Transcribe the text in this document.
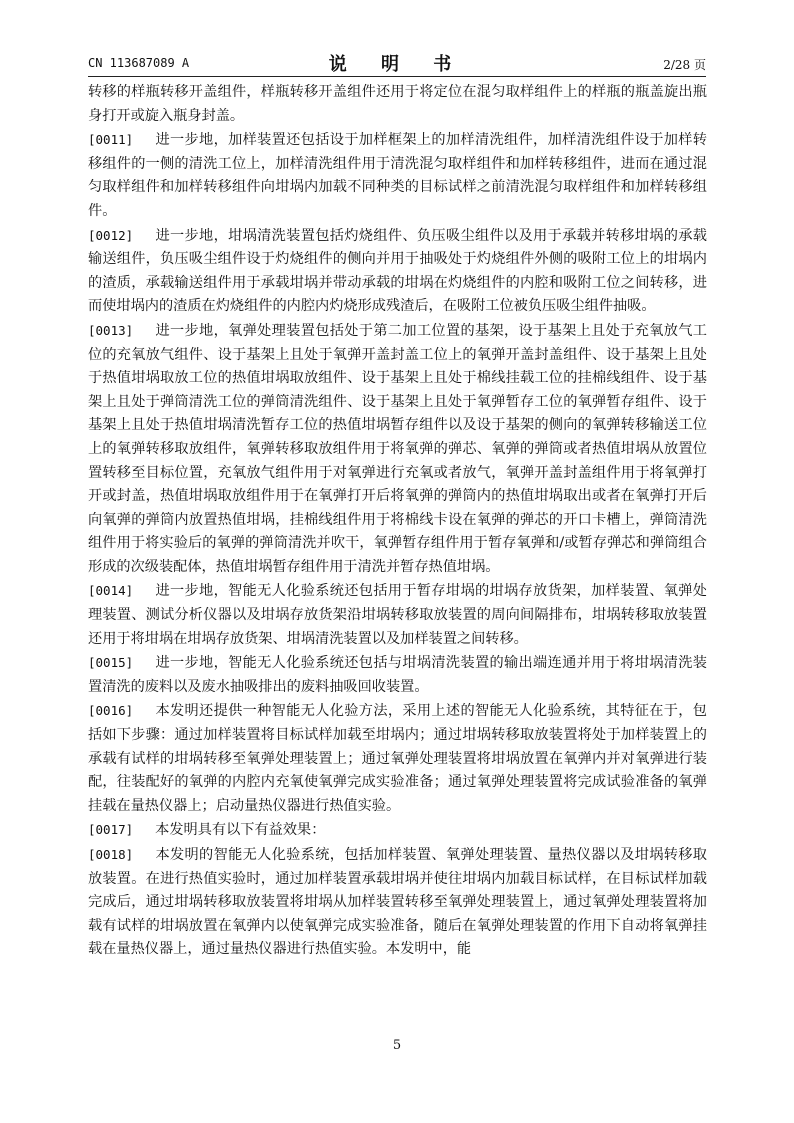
CN 113687089 A	说 明 书	2/28 页

转移的样瓶转移开盖组件，样瓶转移开盖组件还用于将定位在混匀取样组件上的样瓶的瓶盖旋出瓶身打开或旋入瓶身封盖。

[0011] 进一步地，加样装置还包括设于加样框架上的加样清洗组件，加样清洗组件设于加样转移组件的一侧的清洗工位上，加样清洗组件用于清洗混匀取样组件和加样转移组件，进而在通过混匀取样组件和加样转移组件向坩埚内加载不同种类的目标试样之前清洗混匀取样组件和加样转移组件。

[0012] 进一步地，坩埚清洗装置包括灼烧组件、负压吸尘组件以及用于承载并转移坩埚的承载输送组件，负压吸尘组件设于灼烧组件的侧向并用于抽吸处于灼烧组件外侧的吸附工位上的坩埚内的渣质，承载输送组件用于承载坩埚并带动承载的坩埚在灼烧组件的内腔和吸附工位之间转移，进而使坩埚内的渣质在灼烧组件的内腔内灼烧形成残渣后，在吸附工位被负压吸尘组件抽吸。

[0013] 进一步地，氧弹处理装置包括处于第二加工位置的基架，设于基架上且处于充氧放气工位的充氧放气组件、设于基架上且处于氧弹开盖封盖工位上的氧弹开盖封盖组件、设于基架上且处于热值坩埚取放工位的热值坩埚取放组件、设于基架上且处于棉线挂载工位的挂棉线组件、设于基架上且处于弹筒清洗工位的弹筒清洗组件、设于基架上且处于氧弹暂存工位的氧弹暂存组件、设于基架上且处于热值坩埚清洗暂存工位的热值坩埚暂存组件以及设于基架的侧向的氧弹转移输送工位上的氧弹转移取放组件，氧弹转移取放组件用于将氧弹的弹芯、氧弹的弹筒或者热值坩埚从放置位置转移至目标位置，充氧放气组件用于对氧弹进行充氧或者放气，氧弹开盖封盖组件用于将氧弹打开或封盖，热值坩埚取放组件用于在氧弹打开后将氧弹的弹筒内的热值坩埚取出或者在氧弹打开后向氧弹的弹筒内放置热值坩埚，挂棉线组件用于将棉线卡设在氧弹的弹芯的开口卡槽上，弹筒清洗组件用于将实验后的氧弹的弹筒清洗并吹干，氧弹暂存组件用于暂存氧弹和/或暂存弹芯和弹筒组合形成的次级装配体，热值坩埚暂存组件用于清洗并暂存热值坩埚。

[0014] 进一步地，智能无人化验系统还包括用于暂存坩埚的坩埚存放货架，加样装置、氧弹处理装置、测试分析仪器以及坩埚存放货架沿坩埚转移取放装置的周向间隔排布，坩埚转移取放装置还用于将坩埚在坩埚存放货架、坩埚清洗装置以及加样装置之间转移。

[0015] 进一步地，智能无人化验系统还包括与坩埚清洗装置的输出端连通并用于将坩埚清洗装置清洗的废料以及废水抽吸排出的废料抽吸回收装置。

[0016] 本发明还提供一种智能无人化验方法，采用上述的智能无人化验系统，其特征在于，包括如下步骤：通过加样装置将目标试样加载至坩埚内；通过坩埚转移取放装置将处于加样装置上的承载有试样的坩埚转移至氧弹处理装置上；通过氧弹处理装置将坩埚放置在氧弹内并对氧弹进行装配，往装配好的氧弹的内腔内充氧使氧弹完成实验准备；通过氧弹处理装置将完成试验准备的氧弹挂载在量热仪器上；启动量热仪器进行热值实验。

[0017] 本发明具有以下有益效果：

[0018] 本发明的智能无人化验系统，包括加样装置、氧弹处理装置、量热仪器以及坩埚转移取放装置。在进行热值实验时，通过加样装置承载坩埚并使往坩埚内加载目标试样，在目标试样加载完成后，通过坩埚转移取放装置将坩埚从加样装置转移至氧弹处理装置上，通过氧弹处理装置将加载有试样的坩埚放置在氧弹内以使氧弹完成实验准备，随后在氧弹处理装置的作用下自动将氧弹挂载在量热仪器上，通过量热仪器进行热值实验。本发明中，能

5
